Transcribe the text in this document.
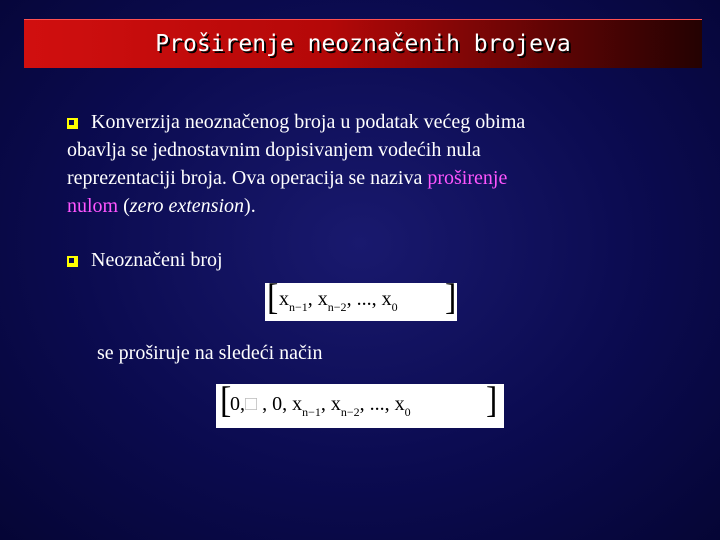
Proširenje neoznačenih brojeva
Konverzija neoznačenog broja u podatak većeg obima
obavlja se jednostavnim dopisivanjem vodećih nula
reprezentaciji broja. Ova operacija se naziva proširenje
nulom (zero extension).
Neoznačeni broj
[ $x_{n-1}$, $x_{n-2}$, ..., $x_0$ ]
se proširuje na sledeći način
[
0,□ , 0, $x_{n-1}$, $x_{n-2}$, ..., $x_0$ ]
